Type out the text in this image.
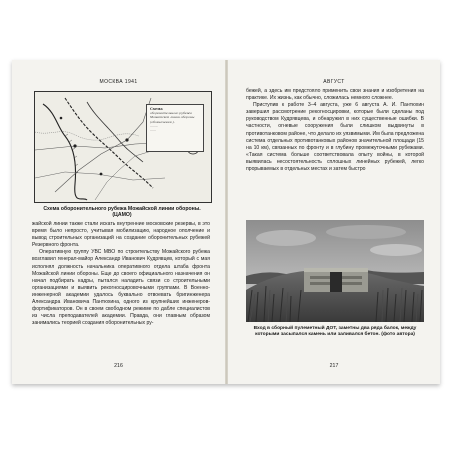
МОСКВА 1941
Схема
оборонительного рубежа
Можайской линии обороны
(обозначения ),
........
......
Схема оборонительного рубежа Можайской линии обороны. (ЦАМО)

жайской линии также стали искать внутренние московские резервы, в это время было непросто, учитывая мобилизацию, народное ополчение и вывод строительных организаций на создание оборонительных рубежей Резервного фронта.

Оперативную группу УВС МВО по строительству Можайского рубежа возглавил генерал-майор Александр Иванович Кудрявцев, который с мая исполнял должность начальника оперативного отдела штаба фронта Можайской линии обороны. Еще до своего официального назначения он начал подбирать кадры, пытался наладить связи со строительными организациями и выявить рекогносцировочными группами. В Военно-инженерной академии удалось буквально отвоевать бригинженера Александра Ивановича Пантюхина, одного из крупнейших инженеров-фортификаторов. Он в своем свободном режиме по дабле специалистов из числа преподавателей академии. Правда, они главным образом занимались теорией создания оборонительных ру-

216
АВГУСТ

бежей, а здесь им предстояло применить свои знания и изобретения на практике. Их жизнь, как обычно, сложилась немного сложнее.

Приступив к работе 3–4 августа, уже 6 августа А. И. Пантюхин завершил рассмотрение рекогносцировки, которые были сделаны под руководством Кудрявцева, и обнаружил в них существенные ошибки. В частности, огневые сооружения были слишком выдвинуты в противотанковом районе, что делало их уязвимыми. Им была предложена система отдельных противотанковых районов значительной площади (15 на 10 км), связанных по фронту и в глубину промежуточными рубежами. «Такая система больше соответствовала опыту войны, в которой выявилась несостоятельность сплошных линейных рубежей, легко прорываемых в отдельных местах и затем быстро

Вход в сборный пулеметный ДОТ, заметны два ряда балок, между которыми засыпался камень или заливался бетон. (фото автора)
217
